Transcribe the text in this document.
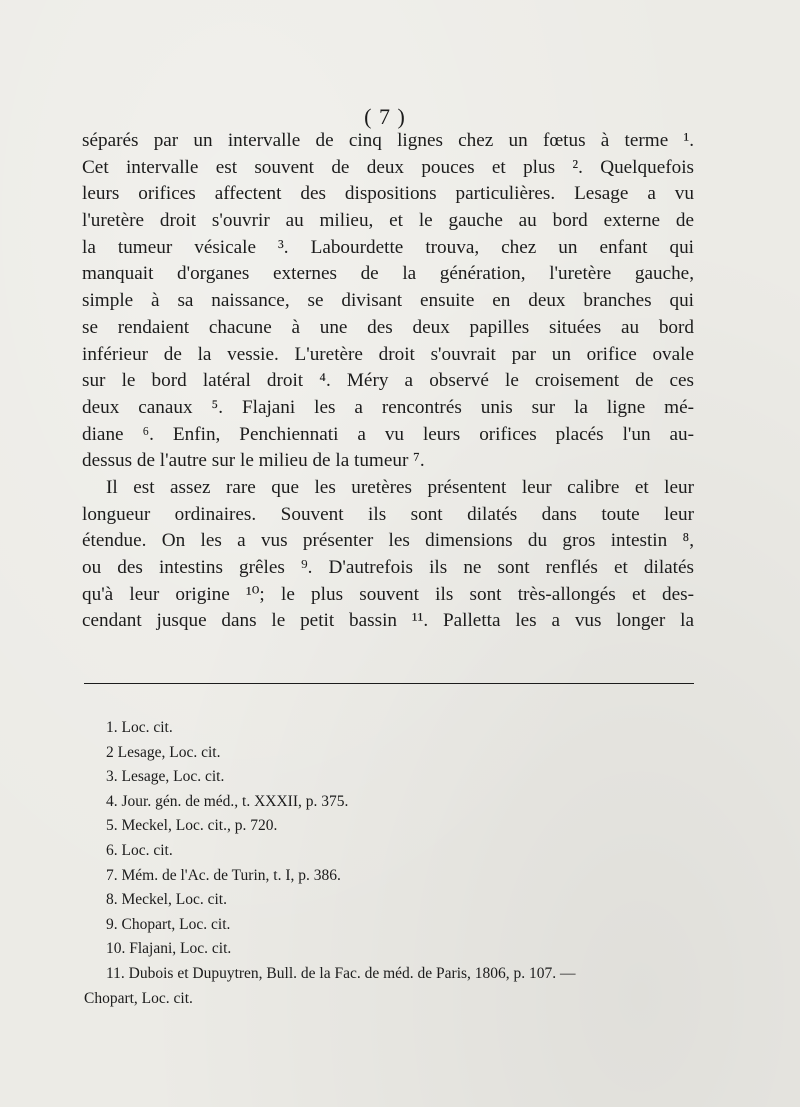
( 7 )
séparés par un intervalle de cinq lignes chez un fœtus à terme ¹.
Cet intervalle est souvent de deux pouces et plus ². Quelquefois
leurs orifices affectent des dispositions particulières. Lesage a vu
l'uretère droit s'ouvrir au milieu, et le gauche au bord externe de
la tumeur vésicale ³. Labourdette trouva, chez un enfant qui
manquait d'organes externes de la génération, l'uretère gauche,
simple à sa naissance, se divisant ensuite en deux branches qui
se rendaient chacune à une des deux papilles situées au bord
inférieur de la vessie. L'uretère droit s'ouvrait par un orifice ovale
sur le bord latéral droit ⁴. Méry a observé le croisement de ces
deux canaux ⁵. Flajani les a rencontrés unis sur la ligne mé-
diane ⁶. Enfin, Penchiennati a vu leurs orifices placés l'un au-
dessus de l'autre sur le milieu de la tumeur ⁷.
Il est assez rare que les uretères présentent leur calibre et leur
longueur ordinaires. Souvent ils sont dilatés dans toute leur
étendue. On les a vus présenter les dimensions du gros intestin ⁸,
ou des intestins grêles ⁹. D'autrefois ils ne sont renflés et dilatés
qu'à leur origine ¹⁰; le plus souvent ils sont très-allongés et des-
cendant jusque dans le petit bassin ¹¹. Palletta les a vus longer la
1. Loc. cit.
2 Lesage, Loc. cit.
3. Lesage, Loc. cit.
4. Jour. gén. de méd., t. XXXII, p. 375.
5. Meckel, Loc. cit., p. 720.
6. Loc. cit.
7. Mém. de l'Ac. de Turin, t. I, p. 386.
8. Meckel, Loc. cit.
9. Chopart, Loc. cit.
10. Flajani, Loc. cit.
11. Dubois et Dupuytren, Bull. de la Fac. de méd. de Paris, 1806, p. 107. —
Chopart, Loc. cit.
